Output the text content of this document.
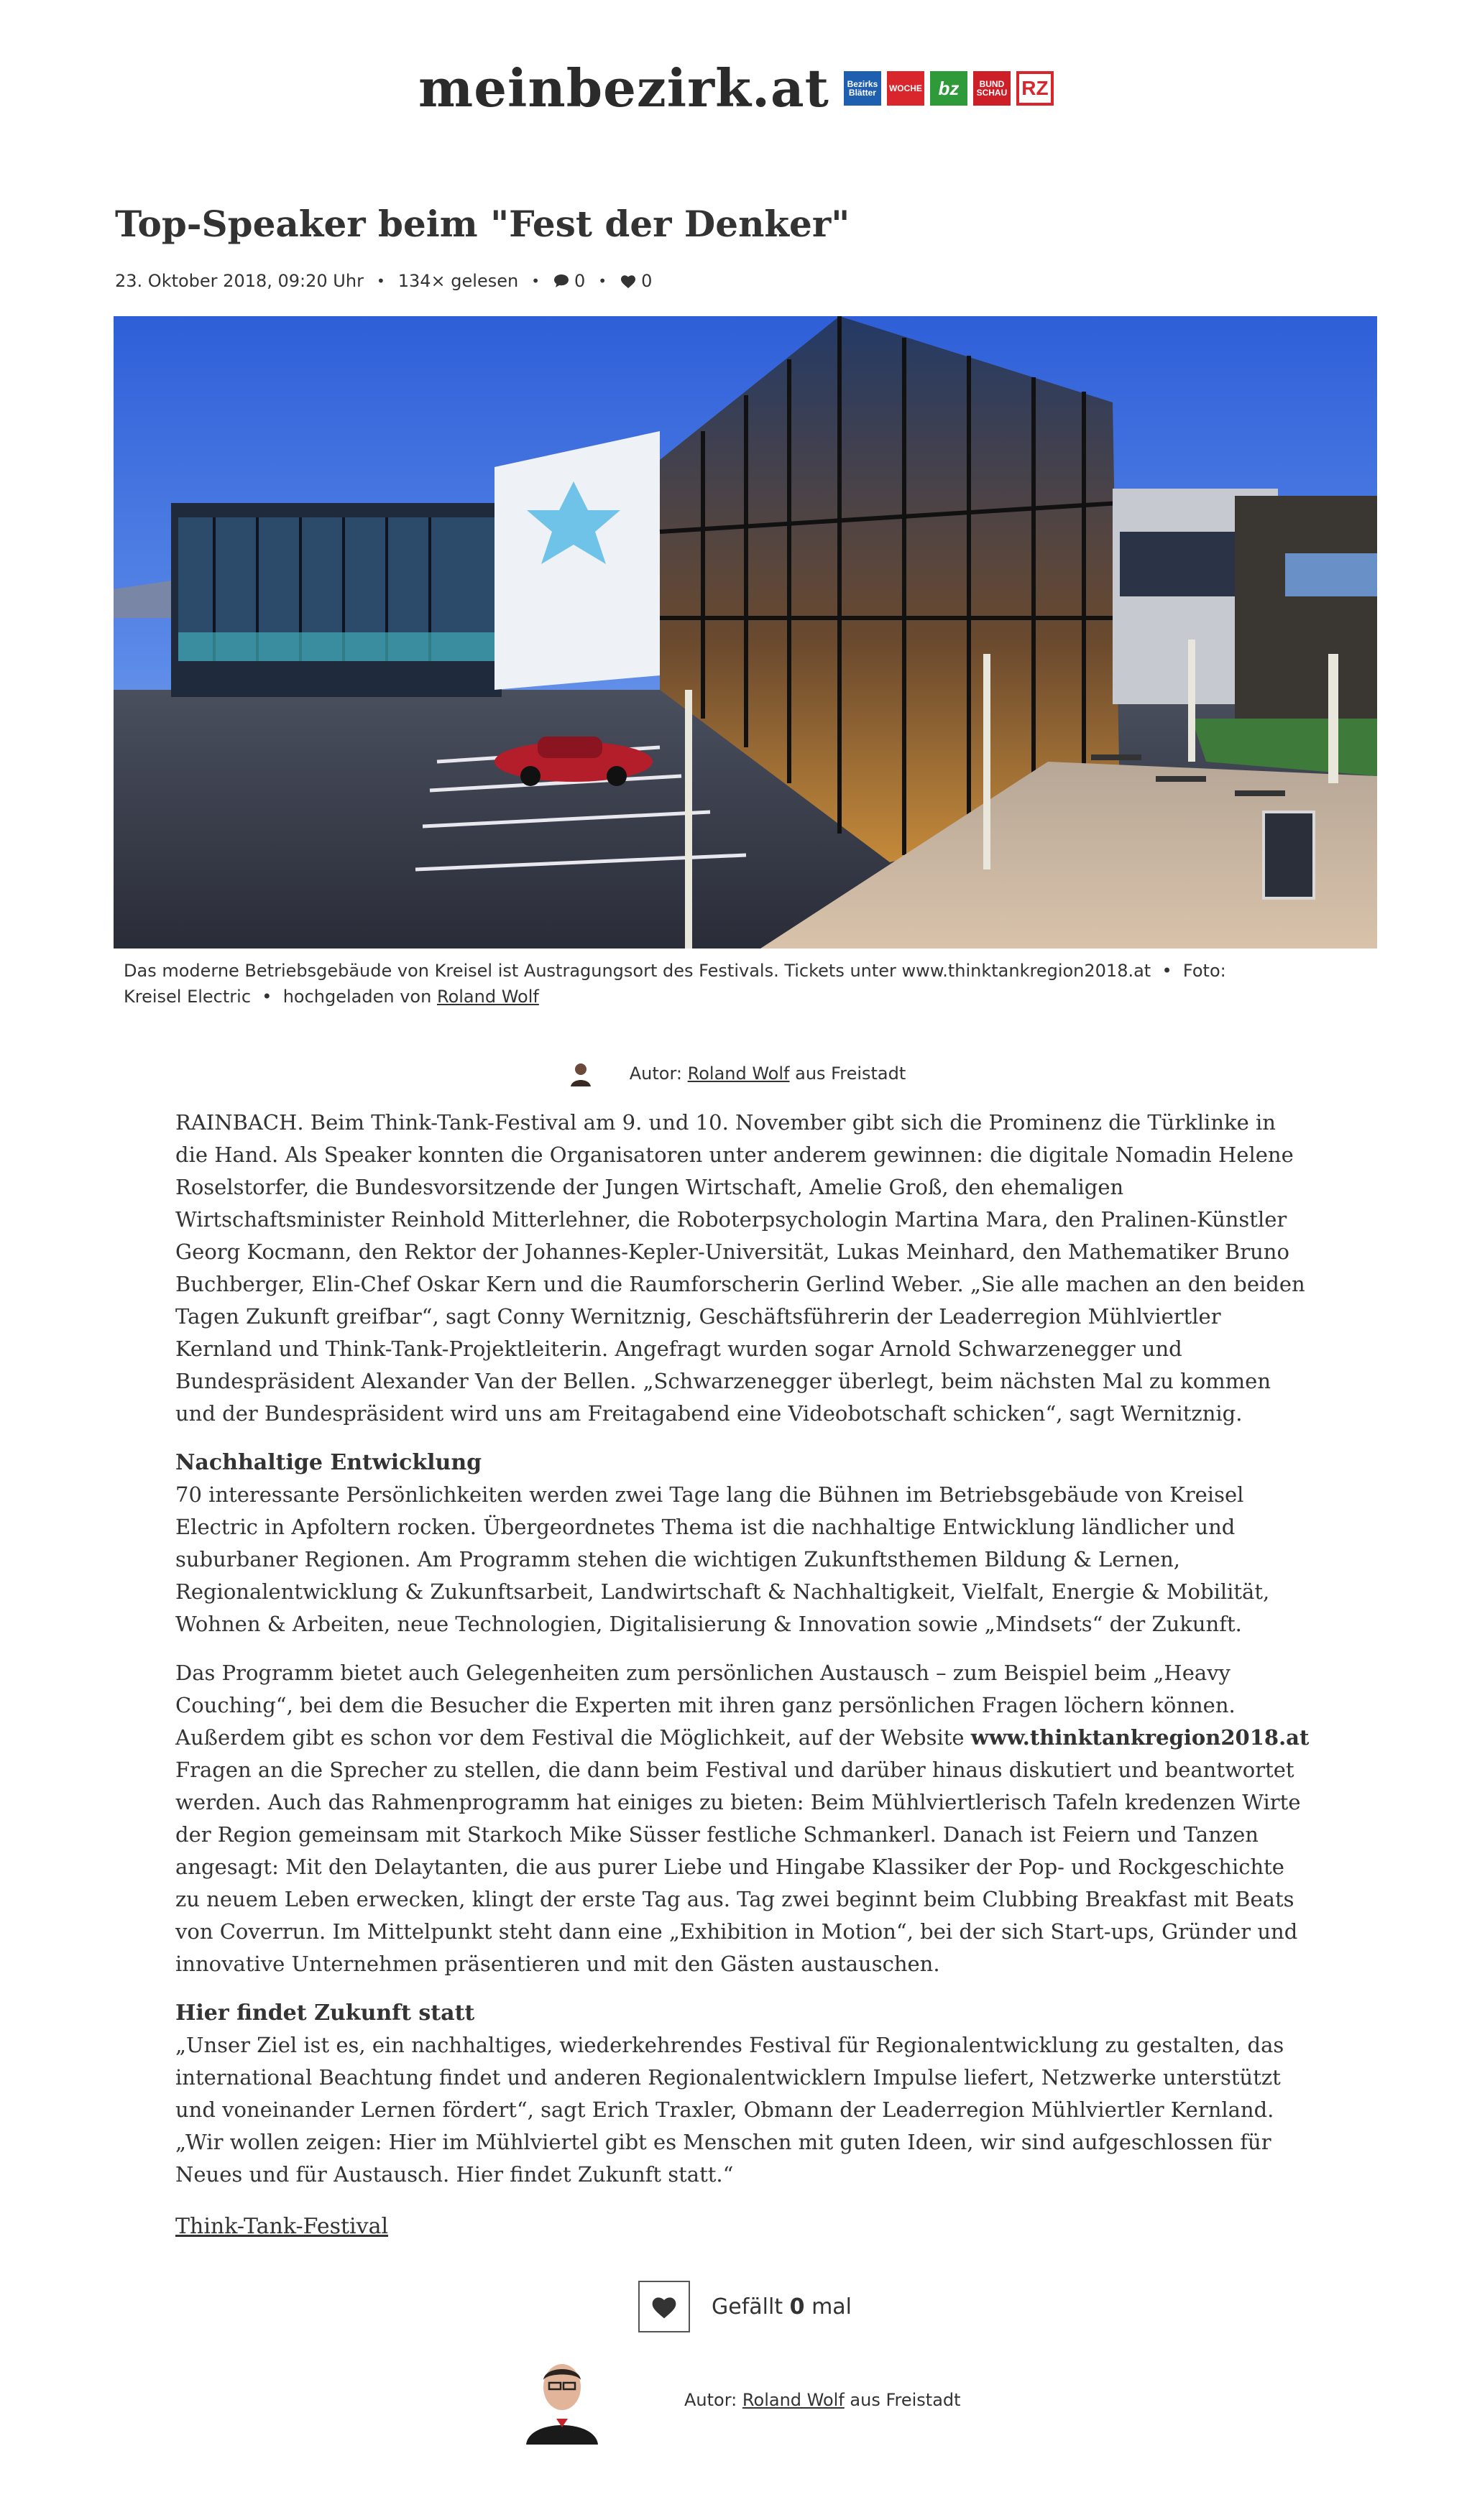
meinbezirk.at	Bezirks Blätter	WOCHE bz	BUND SCHAU RZ
Top-Speaker beim "Fest der Denker"
23. Oktober 2018, 09:20 Uhr • 134× gelesen • 0 • 0
Das moderne Betriebsgebäude von Kreisel ist Austragungsort des Festivals. Tickets unter www.thinktankregion2018.at  •  Foto: Kreisel Electric  •  hochgeladen von Roland Wolf
Autor: Roland Wolf aus Freistadt

RAINBACH. Beim Think-Tank-Festival am 9. und 10. November gibt sich die Prominenz die Türklinke in die Hand. Als Speaker konnten die Organisatoren unter anderem gewinnen: die digitale Nomadin Helene Roselstorfer, die Bundesvorsitzende der Jungen Wirtschaft, Amelie Groß, den ehemaligen Wirtschaftsminister Reinhold Mitterlehner, die Roboterpsychologin Martina Mara, den Pralinen-Künstler Georg Kocmann, den Rektor der Johannes-Kepler-Universität, Lukas Meinhard, den Mathematiker Bruno Buchberger, Elin-Chef Oskar Kern und die Raumforscherin Gerlind Weber. „Sie alle machen an den beiden Tagen Zukunft greifbar“, sagt Conny Wernitznig, Geschäftsführerin der Leaderregion Mühlviertler Kernland und Think-Tank-Projektleiterin. Angefragt wurden sogar Arnold Schwarzenegger und Bundespräsident Alexander Van der Bellen. „Schwarzenegger überlegt, beim nächsten Mal zu kommen und der Bundespräsident wird uns am Freitagabend eine Videobotschaft schicken“, sagt Wernitznig.

Nachhaltige Entwicklung

70 interessante Persönlichkeiten werden zwei Tage lang die Bühnen im Betriebsgebäude von Kreisel Electric in Apfoltern rocken. Übergeordnetes Thema ist die nachhaltige Entwicklung ländlicher und suburbaner Regionen. Am Programm stehen die wichtigen Zukunftsthemen Bildung & Lernen, Regionalentwicklung & Zukunftsarbeit, Landwirtschaft & Nachhaltigkeit, Vielfalt, Energie & Mobilität, Wohnen & Arbeiten, neue Technologien, Digitalisierung & Innovation sowie „Mindsets“ der Zukunft.

Das Programm bietet auch Gelegenheiten zum persönlichen Austausch – zum Beispiel beim „Heavy Couching“, bei dem die Besucher die Experten mit ihren ganz persönlichen Fragen löchern können. Außerdem gibt es schon vor dem Festival die Möglichkeit, auf der Website www.thinktankregion2018.at Fragen an die Sprecher zu stellen, die dann beim Festival und darüber hinaus diskutiert und beantwortet werden. Auch das Rahmenprogramm hat einiges zu bieten: Beim Mühlviertlerisch Tafeln kredenzen Wirte der Region gemeinsam mit Starkoch Mike Süsser festliche Schmankerl. Danach ist Feiern und Tanzen angesagt: Mit den Delaytanten, die aus purer Liebe und Hingabe Klassiker der Pop- und Rockgeschichte zu neuem Leben erwecken, klingt der erste Tag aus. Tag zwei beginnt beim Clubbing Breakfast mit Beats von Coverrun. Im Mittelpunkt steht dann eine „Exhibition in Motion“, bei der sich Start-ups, Gründer und innovative Unternehmen präsentieren und mit den Gästen austauschen.

Hier findet Zukunft statt

„Unser Ziel ist es, ein nachhaltiges, wiederkehrendes Festival für Regionalentwicklung zu gestalten, das international Beachtung findet und anderen Regionalentwicklern Impulse liefert, Netzwerke unterstützt und voneinander Lernen fördert“, sagt Erich Traxler, Obmann der Leaderregion Mühlviertler Kernland. „Wir wollen zeigen: Hier im Mühlviertel gibt es Menschen mit guten Ideen, wir sind aufgeschlossen für Neues und für Austausch. Hier findet Zukunft statt.“

Think-Tank-Festival
Gefällt 0 mal
Autor: Roland Wolf aus Freistadt
